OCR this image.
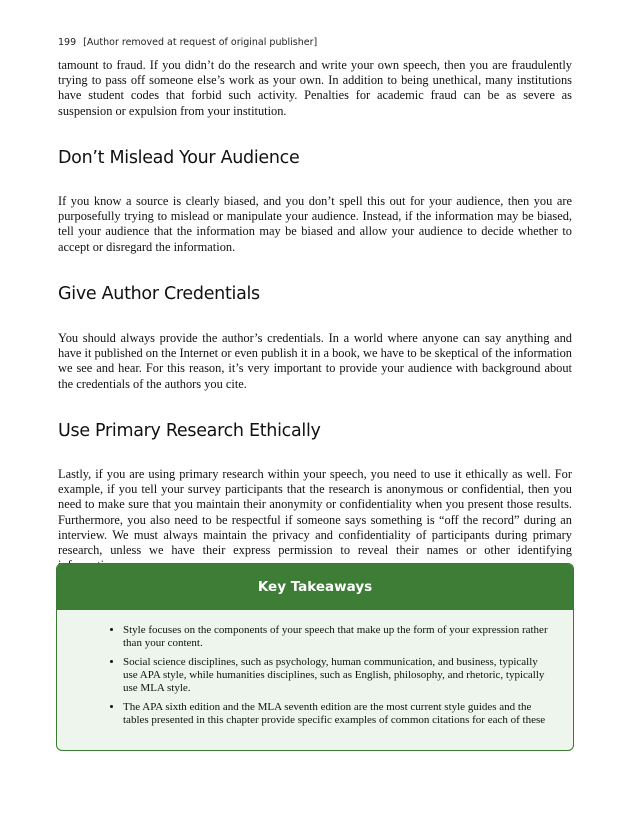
199 [Author removed at request of original publisher]

tamount to fraud. If you didn’t do the research and write your own speech, then you are fraudulently trying to pass off someone else’s work as your own. In addition to being unethical, many institutions have student codes that forbid such activity. Penalties for academic fraud can be as severe as suspension or expulsion from your institution.

Don’t Mislead Your Audience

If you know a source is clearly biased, and you don’t spell this out for your audience, then you are purposefully trying to mislead or manipulate your audience. Instead, if the information may be biased, tell your audience that the information may be biased and allow your audience to decide whether to accept or disregard the information.

Give Author Credentials

You should always provide the author’s credentials. In a world where anyone can say anything and have it published on the Internet or even publish it in a book, we have to be skeptical of the information we see and hear. For this reason, it’s very important to provide your audience with background about the credentials of the authors you cite.

Use Primary Research Ethically

Lastly, if you are using primary research within your speech, you need to use it ethically as well. For example, if you tell your survey participants that the research is anonymous or confidential, then you need to make sure that you maintain their anonymity or confidentiality when you present those results. Furthermore, you also need to be respectful if someone says something is “off the record” during an interview. We must always maintain the privacy and confidentiality of participants during primary research, unless we have their express permission to reveal their names or other identifying

Key Takeaways
• Style focuses on the components of your speech that make up the form of your expression rather than your content.
• Social science disciplines, such as psychology, human communication, and business, typically use APA style, while humanities disciplines, such as English, philosophy, and rhetoric, typically use MLA style.
• The APA sixth edition and the MLA seventh edition are the most current style guides and the tables presented in this chapter provide specific examples of common citations for each of these
